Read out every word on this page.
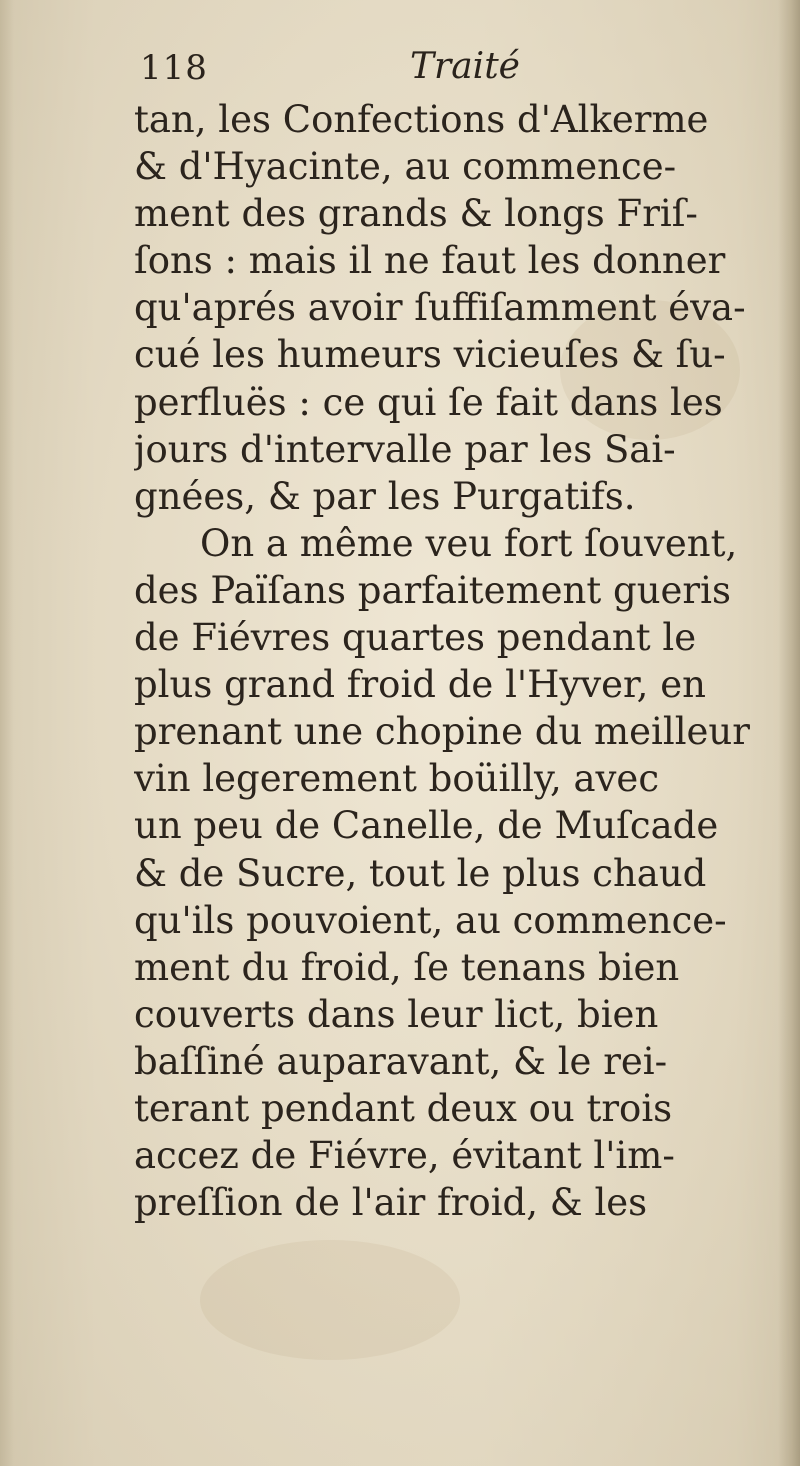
118	Traité
tan, les Confections d'Alkerme
& d'Hyacinte, au commence-
ment des grands & longs Friſ-
ſons : mais il ne faut les donner
qu'aprés avoir ſuffiſamment éva-
cué les humeurs vicieuſes & ſu-
perfluës : ce qui ſe fait dans les
jours d'intervalle par les Sai-
gnées, & par les Purgatifs.
On a même veu fort ſouvent,
des Païſans parfaitement gueris
de Fiévres quartes pendant le
plus grand froid de l'Hyver, en
prenant une chopine du meilleur
vin legerement boüilly, avec
un peu de Canelle, de Muſcade
& de Sucre, tout le plus chaud
qu'ils pouvoient, au commence-
ment du froid, ſe tenans bien
couverts dans leur lict, bien
baſſiné auparavant, & le rei-
terant pendant deux ou trois
accez de Fiévre, évitant l'im-
preſſion de l'air froid, & les
